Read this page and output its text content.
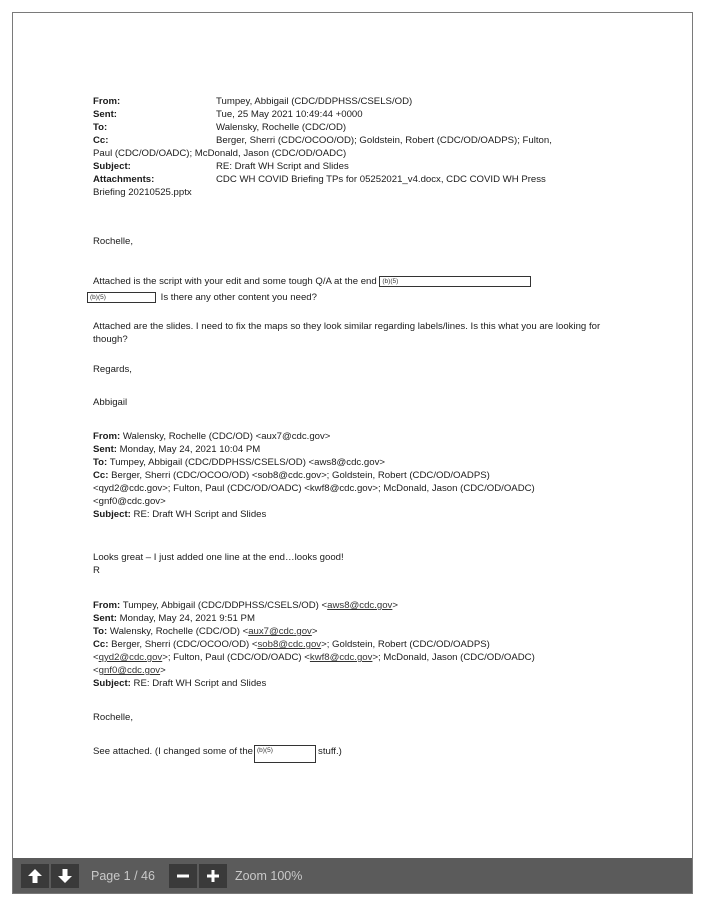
From:	Tumpey, Abbigail (CDC/DDPHSS/CSELS/OD)
Sent:	Tue, 25 May 2021 10:49:44 +0000
To:	Walensky, Rochelle (CDC/OD)
Cc:	Berger, Sherri (CDC/OCOO/OD); Goldstein, Robert (CDC/OD/OADPS); Fulton,
Paul (CDC/OD/OADC); McDonald, Jason (CDC/OD/OADC)
Subject:	RE: Draft WH Script and Slides
Attachments:	CDC WH COVID Briefing TPs for 05252021_v4.docx, CDC COVID WH Press
Briefing 20210525.pptx
Rochelle,
Attached is the script with your edit and some tough Q/A at the end (b)(5)
(b)(5)	Is there any other content you need?
Attached are the slides. I need to fix the maps so they look similar regarding labels/lines. Is this what you are looking for though?
Regards,
Abbigail
From: Walensky, Rochelle (CDC/OD) <aux7@cdc.gov>
Sent: Monday, May 24, 2021 10:04 PM
To: Tumpey, Abbigail (CDC/DDPHSS/CSELS/OD) <aws8@cdc.gov>
Cc: Berger, Sherri (CDC/OCOO/OD) <sob8@cdc.gov>; Goldstein, Robert (CDC/OD/OADPS)
<qyd2@cdc.gov>; Fulton, Paul (CDC/OD/OADC) <kwf8@cdc.gov>; McDonald, Jason (CDC/OD/OADC)
<gnf0@cdc.gov>
Subject: RE: Draft WH Script and Slides
Looks great – I just added one line at the end…looks good!
R
From: Tumpey, Abbigail (CDC/DDPHSS/CSELS/OD) <aws8@cdc.gov>
Sent: Monday, May 24, 2021 9:51 PM
To: Walensky, Rochelle (CDC/OD) <aux7@cdc.gov>
Cc: Berger, Sherri (CDC/OCOO/OD) <sob8@cdc.gov>; Goldstein, Robert (CDC/OD/OADPS)
<qyd2@cdc.gov>; Fulton, Paul (CDC/OD/OADC) <kwf8@cdc.gov>; McDonald, Jason (CDC/OD/OADC)
<gnf0@cdc.gov>
Subject: RE: Draft WH Script and Slides
Rochelle,
See attached. (I changed some of the (b)(5)	stuff.)
Page 1 / 46	Zoom 100%
